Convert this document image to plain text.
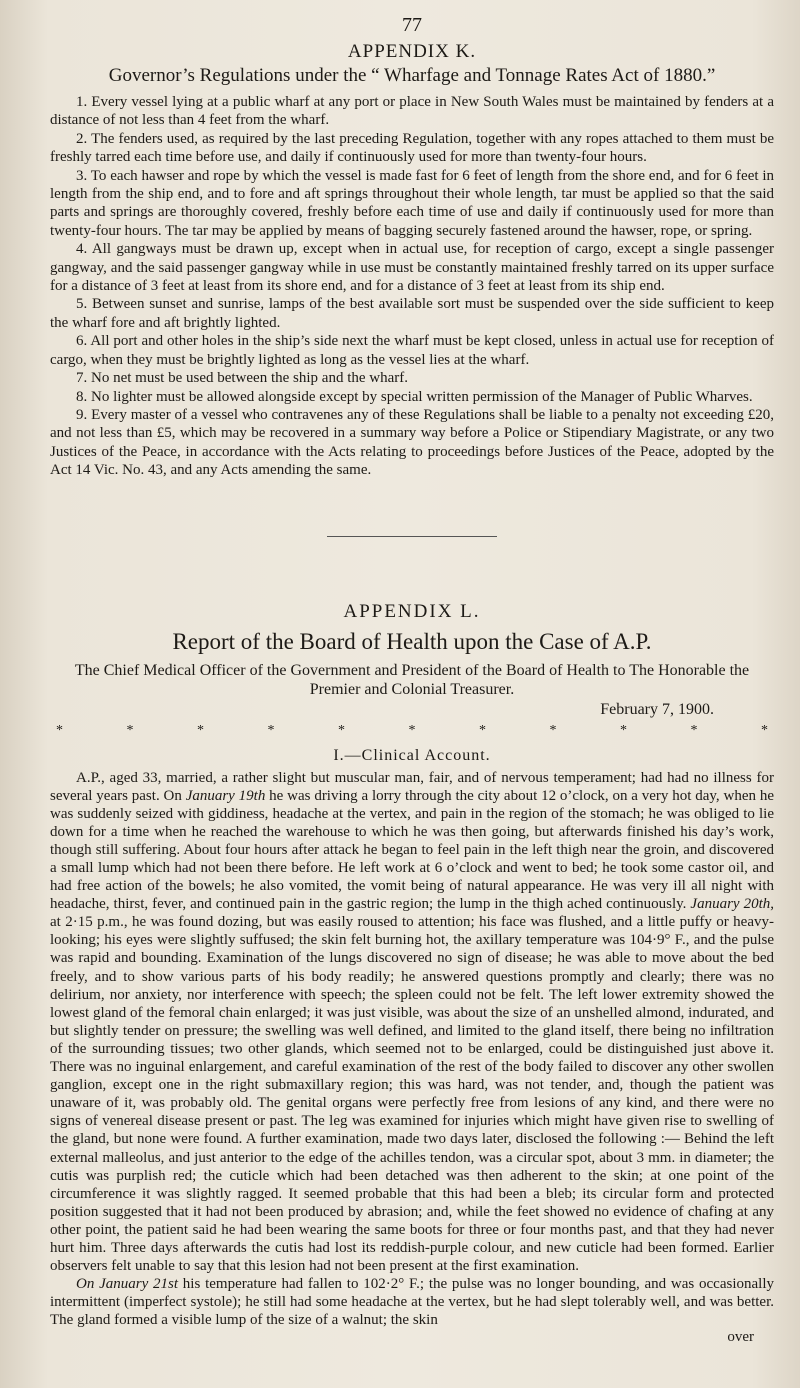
77
APPENDIX K.
Governor’s Regulations under the “ Wharfage and Tonnage Rates Act of 1880.”

1. Every vessel lying at a public wharf at any port or place in New South Wales must be maintained by fenders at a distance of not less than 4 feet from the wharf.

2. The fenders used, as required by the last preceding Regulation, together with any ropes attached to them must be freshly tarred each time before use, and daily if continuously used for more than twenty-four hours.

3. To each hawser and rope by which the vessel is made fast for 6 feet of length from the shore end, and for 6 feet in length from the ship end, and to fore and aft springs throughout their whole length, tar must be applied so that the said parts and springs are thoroughly covered, freshly before each time of use and daily if continuously used for more than twenty-four hours. The tar may be applied by means of bagging securely fastened around the hawser, rope, or spring.

4. All gangways must be drawn up, except when in actual use, for reception of cargo, except a single passenger gangway, and the said passenger gangway while in use must be constantly maintained freshly tarred on its upper surface for a distance of 3 feet at least from its shore end, and for a distance of 3 feet at least from its ship end.

5. Between sunset and sunrise, lamps of the best available sort must be suspended over the side sufficient to keep the wharf fore and aft brightly lighted.

6. All port and other holes in the ship’s side next the wharf must be kept closed, unless in actual use for reception of cargo, when they must be brightly lighted as long as the vessel lies at the wharf.

7. No net must be used between the ship and the wharf.

8. No lighter must be allowed alongside except by special written permission of the Manager of Public Wharves.

9. Every master of a vessel who contravenes any of these Regulations shall be liable to a penalty not exceeding £20, and not less than £5, which may be recovered in a summary way before a Police or Stipendiary Magistrate, or any two Justices of the Peace, in accordance with the Acts relating to proceedings before Justices of the Peace, adopted by the Act 14 Vic. No. 43, and any Acts amending the same.

APPENDIX L.
Report of the Board of Health upon the Case of A.P.
The Chief Medical Officer of the Government and President of the Board of Health to The Honorable the Premier and Colonial Treasurer.
February 7, 1900.
*	*	*	*	*	*	*	*	*	*	*
I.—Clinical Account.

A.P., aged 33, married, a rather slight but muscular man, fair, and of nervous temperament; had had no illness for several years past. On January 19th he was driving a lorry through the city about 12 o’clock, on a very hot day, when he was suddenly seized with giddiness, headache at the vertex, and pain in the region of the stomach; he was obliged to lie down for a time when he reached the warehouse to which he was then going, but afterwards finished his day’s work, though still suffering. About four hours after attack he began to feel pain in the left thigh near the groin, and discovered a small lump which had not been there before. He left work at 6 o’clock and went to bed; he took some castor oil, and had free action of the bowels; he also vomited, the vomit being of natural appearance. He was very ill all night with headache, thirst, fever, and continued pain in the gastric region; the lump in the thigh ached continuously. January 20th, at 2·15 p.m., he was found dozing, but was easily roused to attention; his face was flushed, and a little puffy or heavy-looking; his eyes were slightly suffused; the skin felt burning hot, the axillary temperature was 104·9° F., and the pulse was rapid and bounding. Examination of the lungs discovered no sign of disease; he was able to move about the bed freely, and to show various parts of his body readily; he answered questions promptly and clearly; there was no delirium, nor anxiety, nor interference with speech; the spleen could not be felt. The left lower extremity showed the lowest gland of the femoral chain enlarged; it was just visible, was about the size of an unshelled almond, indurated, and but slightly tender on pressure; the swelling was well defined, and limited to the gland itself, there being no infiltration of the surrounding tissues; two other glands, which seemed not to be enlarged, could be distinguished just above it. There was no inguinal enlargement, and careful examination of the rest of the body failed to discover any other swollen ganglion, except one in the right submaxillary region; this was hard, was not tender, and, though the patient was unaware of it, was probably old. The genital organs were perfectly free from lesions of any kind, and there were no signs of venereal disease present or past. The leg was examined for injuries which might have given rise to swelling of the gland, but none were found. A further examination, made two days later, disclosed the following :— Behind the left external malleolus, and just anterior to the edge of the achilles tendon, was a circular spot, about 3 mm. in diameter; the cutis was purplish red; the cuticle which had been detached was then adherent to the skin; at one point of the circumference it was slightly ragged. It seemed probable that this had been a bleb; its circular form and protected position suggested that it had not been produced by abrasion; and, while the feet showed no evidence of chafing at any other point, the patient said he had been wearing the same boots for three or four months past, and that they had never hurt him. Three days afterwards the cutis had lost its reddish-purple colour, and new cuticle had been formed. Earlier observers felt unable to say that this lesion had not been present at the first examination.

On January 21st his temperature had fallen to 102·2° F.; the pulse was no longer bounding, and was occasionally intermittent (imperfect systole); he still had some headache at the vertex, but he had slept tolerably well, and was better. The gland formed a visible lump of the size of a walnut; the skin

over
